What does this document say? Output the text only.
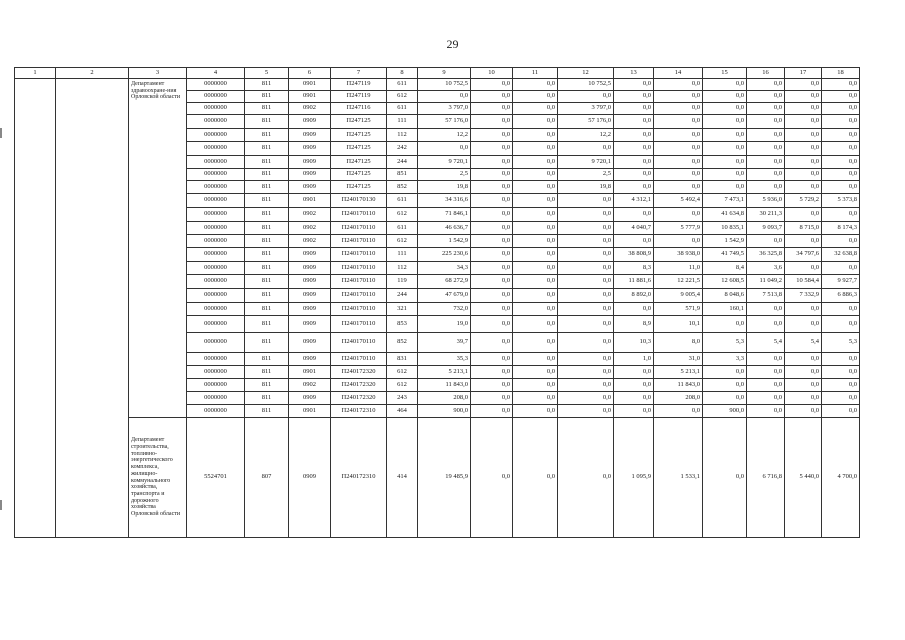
29
1	2	3	4	5	6	7	8	9	10	11	12	13	14	15	16	17	18
		Департамент здравоохране-ния Орловской области	0000000	811	0901	П247119	611	10 752,5	0,0	0,0	10 752,5	0,0	0,0	0,0	0,0	0,0	0,0
			0000000	811	0901	П247119	612	0,0	0,0	0,0	0,0	0,0	0,0	0,0	0,0	0,0	0,0
			0000000	811	0902	П247116	611	3 797,0	0,0	0,0	3 797,0	0,0	0,0	0,0	0,0	0,0	0,0
			0000000	811	0909	П247125	111	57 176,0	0,0	0,0	57 176,0	0,0	0,0	0,0	0,0	0,0	0,0
			0000000	811	0909	П247125	112	12,2	0,0	0,0	12,2	0,0	0,0	0,0	0,0	0,0	0,0
			0000000	811	0909	П247125	242	0,0	0,0	0,0	0,0	0,0	0,0	0,0	0,0	0,0	0,0
			0000000	811	0909	П247125	244	9 720,1	0,0	0,0	9 720,1	0,0	0,0	0,0	0,0	0,0	0,0
			0000000	811	0909	П247125	851	2,5	0,0	0,0	2,5	0,0	0,0	0,0	0,0	0,0	0,0
			0000000	811	0909	П247125	852	19,8	0,0	0,0	19,8	0,0	0,0	0,0	0,0	0,0	0,0
			0000000	811	0901	П240170130	611	34 316,6	0,0	0,0	0,0	4 312,1	5 492,4	7 473,1	5 936,0	5 729,2	5 373,8
			0000000	811	0902	П240170110	612	71 846,1	0,0	0,0	0,0	0,0	0,0	41 634,8	30 211,3	0,0	0,0
			0000000	811	0902	П240170110	611	46 636,7	0,0	0,0	0,0	4 040,7	5 777,9	10 835,1	9 093,7	8 715,0	8 174,3
			0000000	811	0902	П240170110	612	1 542,9	0,0	0,0	0,0	0,0	0,0	1 542,9	0,0	0,0	0,0
			0000000	811	0909	П240170110	111	225 230,6	0,0	0,0	0,0	38 808,9	38 938,0	41 749,5	36 325,8	34 797,6	32 638,8
			0000000	811	0909	П240170110	112	34,3	0,0	0,0	0,0	8,3	11,0	8,4	3,6	0,0	0,0
			0000000	811	0909	П240170110	119	68 272,9	0,0	0,0	0,0	11 881,6	12 221,5	12 608,5	11 049,2	10 584,4	9 927,7
			0000000	811	0909	П240170110	244	47 679,0	0,0	0,0	0,0	8 892,0	9 005,4	8 048,6	7 513,8	7 332,9	6 886,3
			0000000	811	0909	П240170110	321	732,0	0,0	0,0	0,0	0,0	571,9	160,1	0,0	0,0	0,0
			0000000	811	0909	П240170110	853	19,0	0,0	0,0	0,0	8,9	10,1	0,0	0,0	0,0	0,0
			0000000	811	0909	П240170110	852	39,7	0,0	0,0	0,0	10,3	8,0	5,3	5,4	5,4	5,3
			0000000	811	0909	П240170110	831	35,3	0,0	0,0	0,0	1,0	31,0	3,3	0,0	0,0	0,0
			0000000	811	0901	П240172320	612	5 213,1	0,0	0,0	0,0	0,0	5 213,1	0,0	0,0	0,0	0,0
			0000000	811	0902	П240172320	612	11 843,0	0,0	0,0	0,0	0,0	11 843,0	0,0	0,0	0,0	0,0
			0000000	811	0909	П240172320	243	208,0	0,0	0,0	0,0	0,0	208,0	0,0	0,0	0,0	0,0
			0000000	811	0901	П240172310	464	900,0	0,0	0,0	0,0	0,0	0,0	900,0	0,0	0,0	0,0
		Департамент строительства, топливно-энергетического комплекса, жилищно-коммунального хозяйства, транспорта и дорожного хозяйства Орловской области	5524701	807	0909	П240172310	414	19 485,9	0,0	0,0	0,0	1 095,9	1 533,1	0,0	6 716,8	5 440,0	4 700,0
